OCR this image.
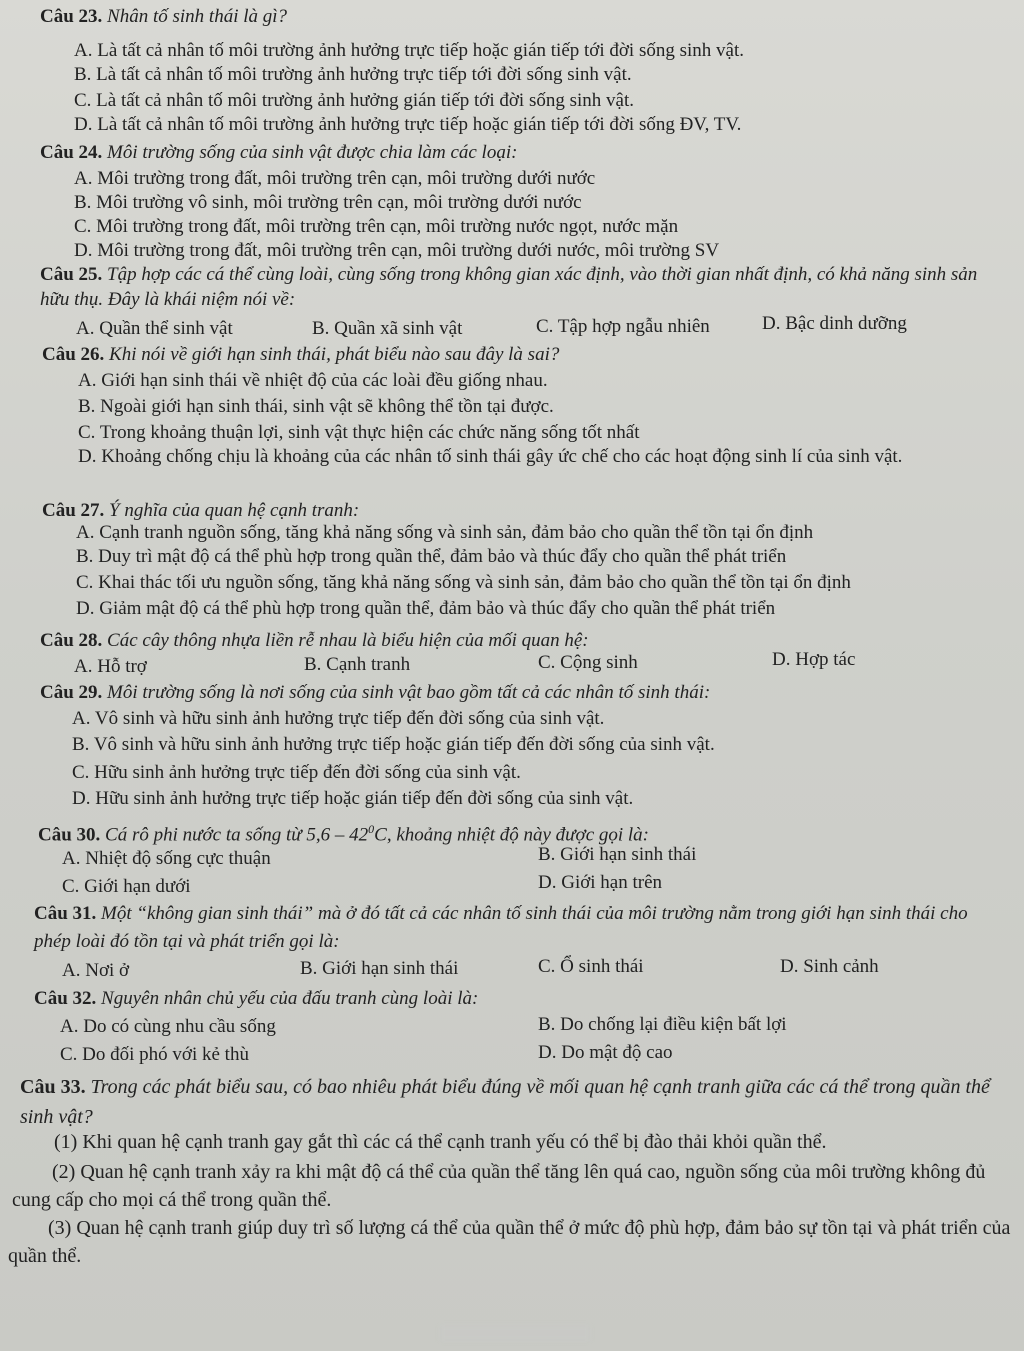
Câu 23. Nhân tố sinh thái là gì?
A. Là tất cả nhân tố môi trường ảnh hưởng trực tiếp hoặc gián tiếp tới đời sống sinh vật.
B. Là tất cả nhân tố môi trường ảnh hưởng trực tiếp tới đời sống sinh vật.
C. Là tất cả nhân tố môi trường ảnh hưởng gián tiếp tới đời sống sinh vật.
D. Là tất cả nhân tố môi trường ảnh hưởng trực tiếp hoặc gián tiếp tới đời sống ĐV, TV.
Câu 24. Môi trường sống của sinh vật được chia làm các loại:
A. Môi trường trong đất, môi trường trên cạn, môi trường dưới nước
B. Môi trường vô sinh, môi trường trên cạn, môi trường dưới nước
C. Môi trường trong đất, môi trường trên cạn, môi trường nước ngọt, nước mặn
D. Môi trường trong đất, môi trường trên cạn, môi trường dưới nước, môi trường SV
Câu 25. Tập hợp các cá thể cùng loài, cùng sống trong không gian xác định, vào thời gian nhất định, có khả năng sinh sản hữu thụ. Đây là khái niệm nói về:
A. Quần thể sinh vật	B. Quần xã sinh vật	C. Tập hợp ngẫu nhiên	D. Bậc dinh dưỡng
Câu 26. Khi nói về giới hạn sinh thái, phát biểu nào sau đây là sai?
A. Giới hạn sinh thái về nhiệt độ của các loài đều giống nhau.
B. Ngoài giới hạn sinh thái, sinh vật sẽ không thể tồn tại được.
C. Trong khoảng thuận lợi, sinh vật thực hiện các chức năng sống tốt nhất
D. Khoảng chống chịu là khoảng của các nhân tố sinh thái gây ức chế cho các hoạt động sinh lí của sinh vật.
Câu 27. Ý nghĩa của quan hệ cạnh tranh:
A. Cạnh tranh nguồn sống, tăng khả năng sống và sinh sản, đảm bảo cho quần thể tồn tại ổn định
B. Duy trì mật độ cá thể phù hợp trong quần thể, đảm bảo và thúc đẩy cho quần thể phát triển
C. Khai thác tối ưu nguồn sống, tăng khả năng sống và sinh sản, đảm bảo cho quần thể tồn tại ổn định
D. Giảm mật độ cá thể phù hợp trong quần thể, đảm bảo và thúc đẩy cho quần thể phát triển
Câu 28. Các cây thông nhựa liền rễ nhau là biểu hiện của mối quan hệ:
A. Hỗ trợ	B. Cạnh tranh	C. Cộng sinh	D. Hợp tác
Câu 29. Môi trường sống là nơi sống của sinh vật bao gồm tất cả các nhân tố sinh thái:
A. Vô sinh và hữu sinh ảnh hưởng trực tiếp đến đời sống của sinh vật.
B. Vô sinh và hữu sinh ảnh hưởng trực tiếp hoặc gián tiếp đến đời sống của sinh vật.
C. Hữu sinh ảnh hưởng trực tiếp đến đời sống của sinh vật.
D. Hữu sinh ảnh hưởng trực tiếp hoặc gián tiếp đến đời sống của sinh vật.
Câu 30. Cá rô phi nước ta sống từ $5,6 - 42^0C$, khoảng nhiệt độ này được gọi là:
A. Nhiệt độ sống cực thuận	B. Giới hạn sinh thái
C. Giới hạn dưới	D. Giới hạn trên
Câu 31. Một “không gian sinh thái” mà ở đó tất cả các nhân tố sinh thái của môi trường nằm trong giới hạn sinh thái cho phép loài đó tồn tại và phát triển gọi là:
A. Nơi ở	B. Giới hạn sinh thái	C. Ổ sinh thái	D. Sinh cảnh
Câu 32. Nguyên nhân chủ yếu của đấu tranh cùng loài là:
A. Do có cùng nhu cầu sống	B. Do chống lại điều kiện bất lợi
C. Do đối phó với kẻ thù	D. Do mật độ cao
Câu 33. Trong các phát biểu sau, có bao nhiêu phát biểu đúng về mối quan hệ cạnh tranh giữa các cá thể trong quần thể sinh vật?
(1) Khi quan hệ cạnh tranh gay gắt thì các cá thể cạnh tranh yếu có thể bị đào thải khỏi quần thể.
(2) Quan hệ cạnh tranh xảy ra khi mật độ cá thể của quần thể tăng lên quá cao, nguồn sống của môi trường không đủ cung cấp cho mọi cá thể trong quần thể.
(3) Quan hệ cạnh tranh giúp duy trì số lượng cá thể của quần thể ở mức độ phù hợp, đảm bảo sự tồn tại và phát triển của quần thể.
